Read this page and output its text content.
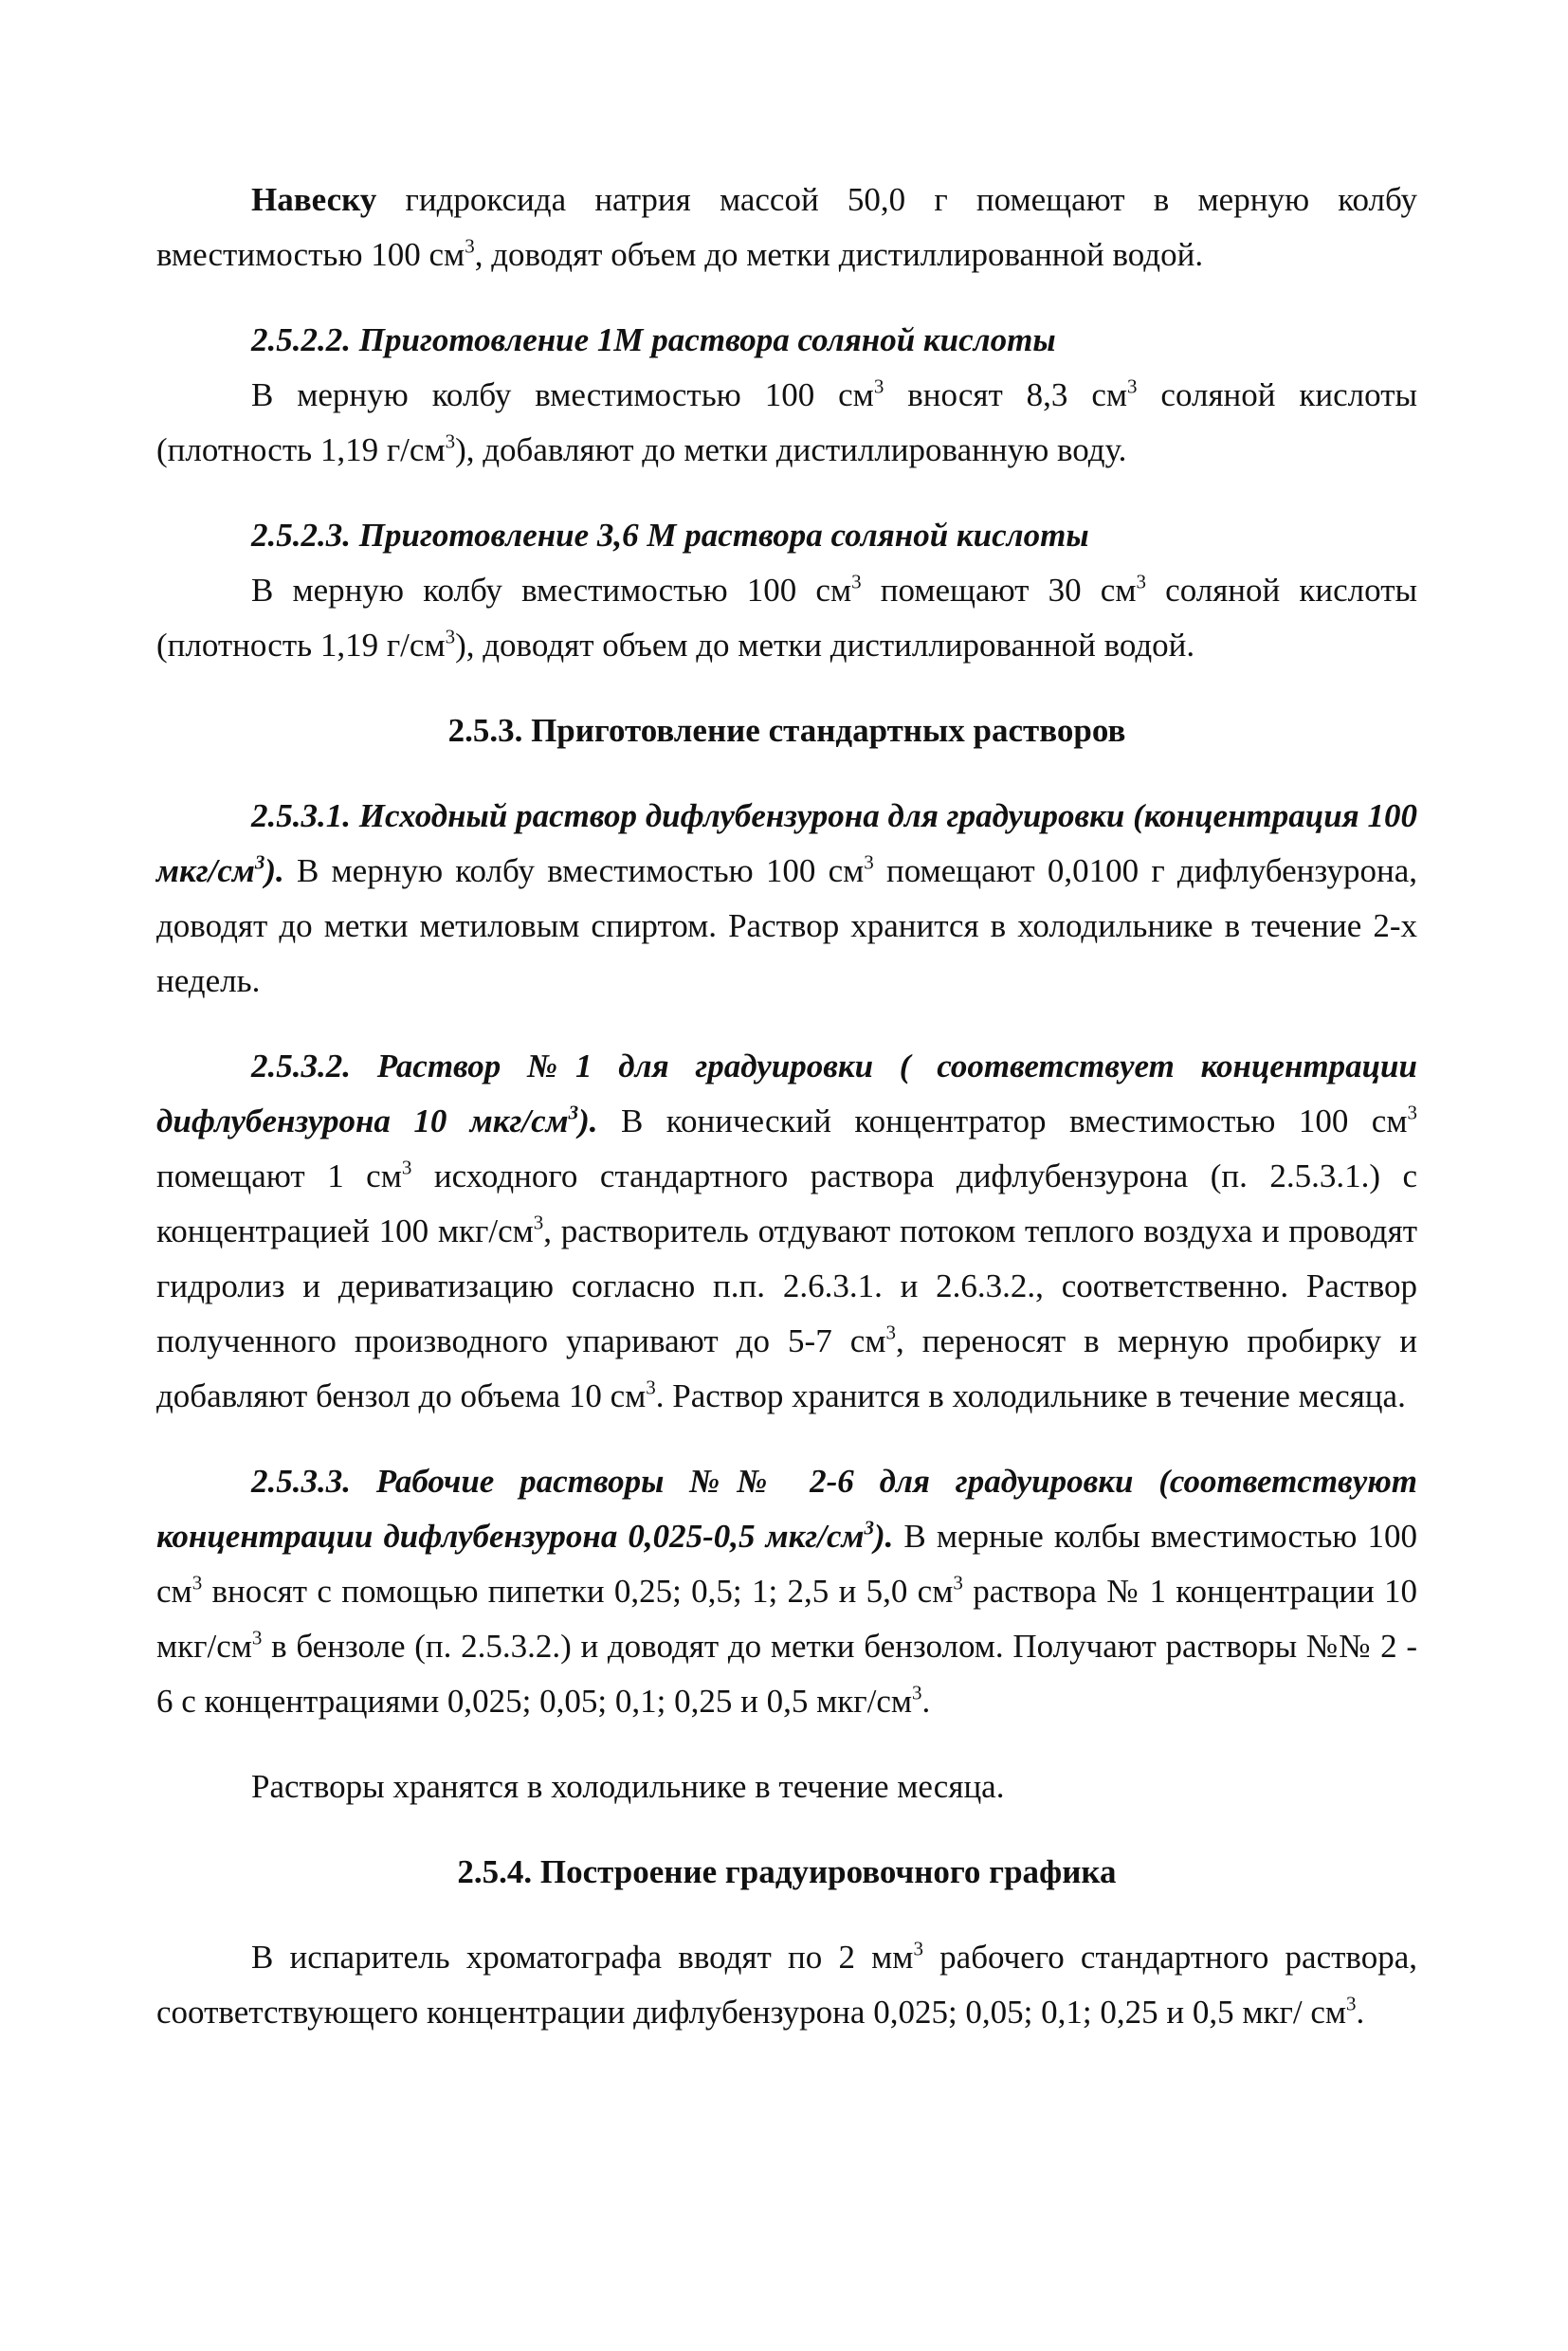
Навеску гидроксида натрия массой 50,0 г помещают в мерную колбу вместимостью 100 $см^3$, доводят объем до метки дистиллированной водой.

2.5.2.2. Приготовление 1М раствора соляной кислоты

В мерную колбу вместимостью 100 $см^3$ вносят 8,3 $см^3$ соляной кислоты (плотность 1,19 $г/см^3$), добавляют до метки дистиллированную воду.

2.5.2.3. Приготовление 3,6 М раствора соляной кислоты

В мерную колбу вместимостью 100 $см^3$ помещают 30 $см^3$ соляной кислоты (плотность 1,19 $г/см^3$), доводят объем до метки дистиллированной водой.

2.5.3. Приготовление стандартных растворов

2.5.3.1. Исходный раствор дифлубензурона для градуировки (концентрация 100 мкг/$см^3$). В мерную колбу вместимостью 100 $см^3$ помещают 0,0100 г дифлубензурона, доводят до метки метиловым спиртом. Раствор хранится в холодильнике в течение 2-х недель.

2.5.3.2. Раствор №1 для градуировки ( соответствует концентрации дифлубензурона 10 мкг/$см^3$). В конический концентратор вместимостью 100 $см^3$ помещают 1 $см^3$ исходного стандартного раствора дифлубензурона (п. 2.5.3.1.) с концентрацией 100 мкг/$см^3$, растворитель отдувают потоком теплого воздуха и проводят гидролиз и дериватизацию согласно п.п. 2.6.3.1. и 2.6.3.2., соответственно. Раствор полученного производного упаривают до 5-7 $см^3$, переносят в мерную пробирку и добавляют бензол до объема 10 $см^3$. Раствор хранится в холодильнике в течение месяца.

2.5.3.3. Рабочие растворы №№ 2-6 для градуировки (соответствуют концентрации дифлубензурона 0,025-0,5 мкг/$см^3$). В мерные колбы вместимостью 100 $см^3$ вносят с помощью пипетки 0,25; 0,5; 1; 2,5 и 5,0 $см^3$ раствора № 1 концентрации 10 мкг/$см^3$ в бензоле (п. 2.5.3.2.) и доводят до метки бензолом. Получают растворы №№ 2 - 6 с концентрациями 0,025; 0,05; 0,1; 0,25 и 0,5 мкг/$см^3$.

Растворы хранятся в холодильнике в течение месяца.

2.5.4. Построение градуировочного графика

В испаритель хроматографа вводят по 2 $мм^3$ рабочего стандартного раствора, соответствующего концентрации дифлубензурона 0,025; 0,05; 0,1; 0,25 и 0,5 мкг/ $см^3$.
